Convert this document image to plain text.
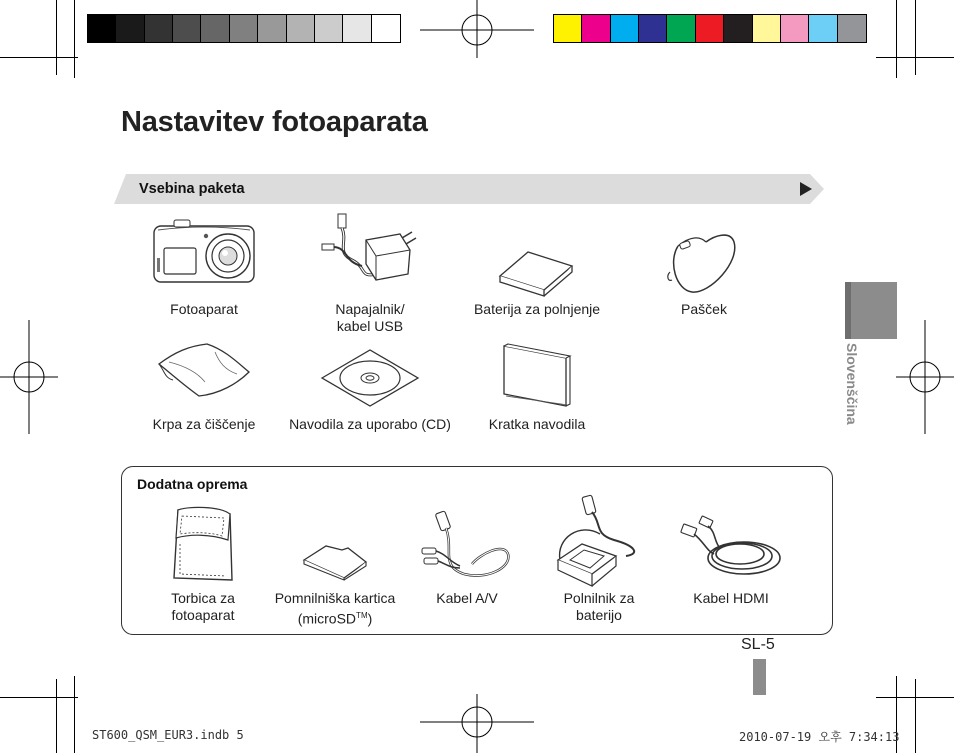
Nastavitev fotoaparata
Vsebina paketa
Fotoaparat	Napajalnik/
kabel USB
Baterija za polnjenje	Pašček
Krpa za čiščenje Navodila za uporabo (CD)	Kratka navodila
Dodatna oprema
Torbica za
fotoaparat
Pomnilniška kartica
(microSD™)
Kabel A/V	Polnilnik za
baterijo
Kabel HDMI
Slovenščina
SL-5
ST600_QSM_EUR3.indb 5	2010-07-19 오후 7:34:13
